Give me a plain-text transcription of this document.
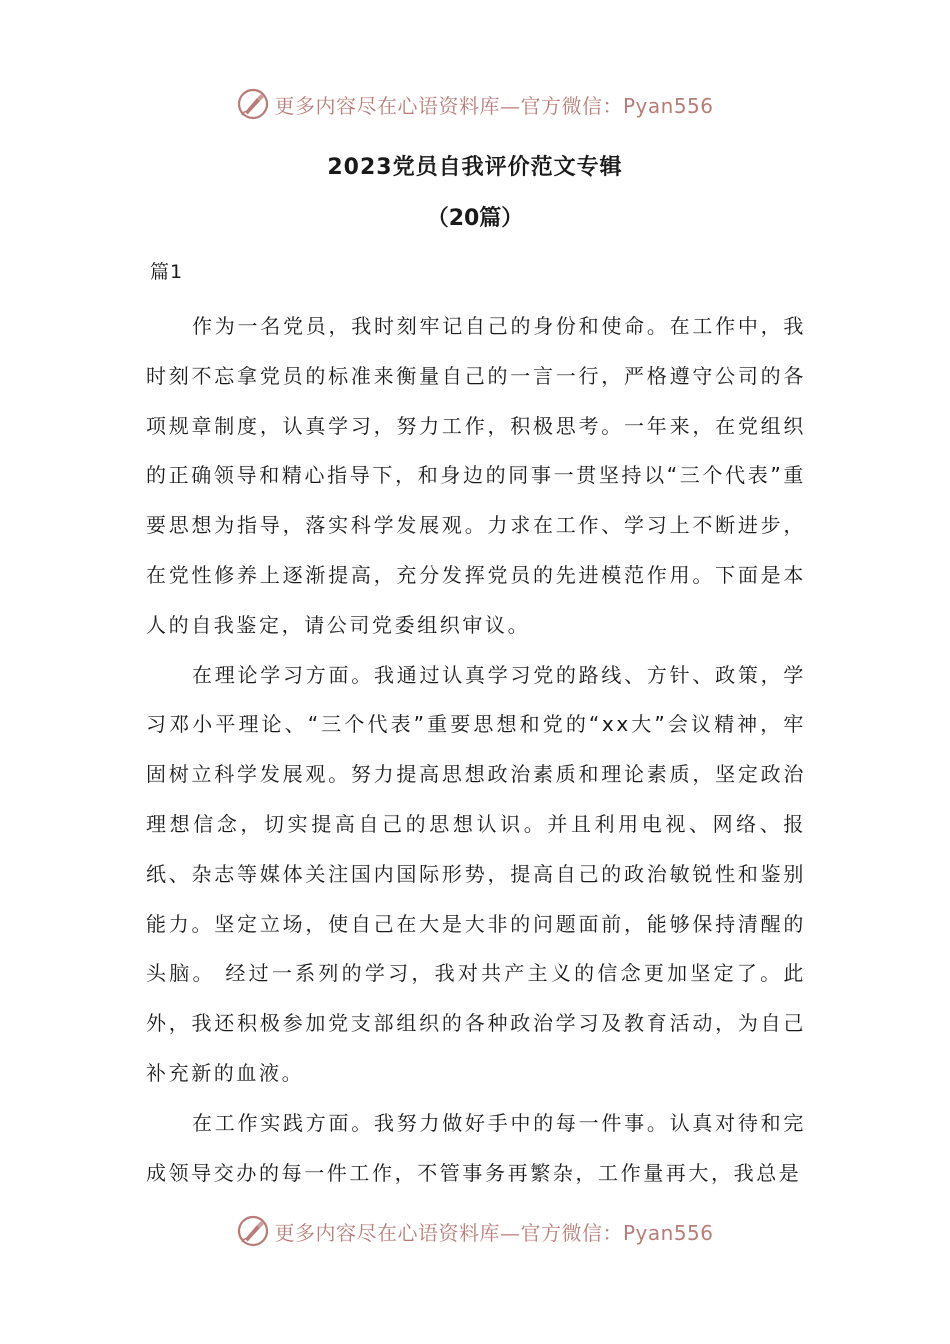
更多内容尽在心语资料库—官方微信：Pyan556
2023党员自我评价范文专辑
（20篇）
篇1

作为一名党员，我时刻牢记自己的身份和使命。在工作中，我时刻不忘拿党员的标准来衡量自己的一言一行，严格遵守公司的各项规章制度，认真学习，努力工作，积极思考。一年来，在党组织的正确领导和精心指导下，和身边的同事一贯坚持以“三个代表”重要思想为指导，落实科学发展观。力求在工作、学习上不断进步，在党性修养上逐渐提高，充分发挥党员的先进模范作用。下面是本人的自我鉴定，请公司党委组织审议。

在理论学习方面。我通过认真学习党的路线、方针、政策，学习邓小平理论、“三个代表”重要思想和党的“xx大”会议精神，牢固树立科学发展观。努力提高思想政治素质和理论素质，坚定政治理想信念，切实提高自己的思想认识。并且利用电视、网络、报纸、杂志等媒体关注国内国际形势，提高自己的政治敏锐性和鉴别能力。坚定立场，使自己在大是大非的问题面前，能够保持清醒的头脑。 经过一系列的学习，我对共产主义的信念更加坚定了。此外，我还积极参加党支部组织的各种政治学习及教育活动，为自己补充新的血液。

在工作实践方面。我努力做好手中的每一件事。认真对待和完成领导交办的每一件工作，不管事务再繁杂，工作量再大，我总是

更多内容尽在心语资料库—官方微信：Pyan556
